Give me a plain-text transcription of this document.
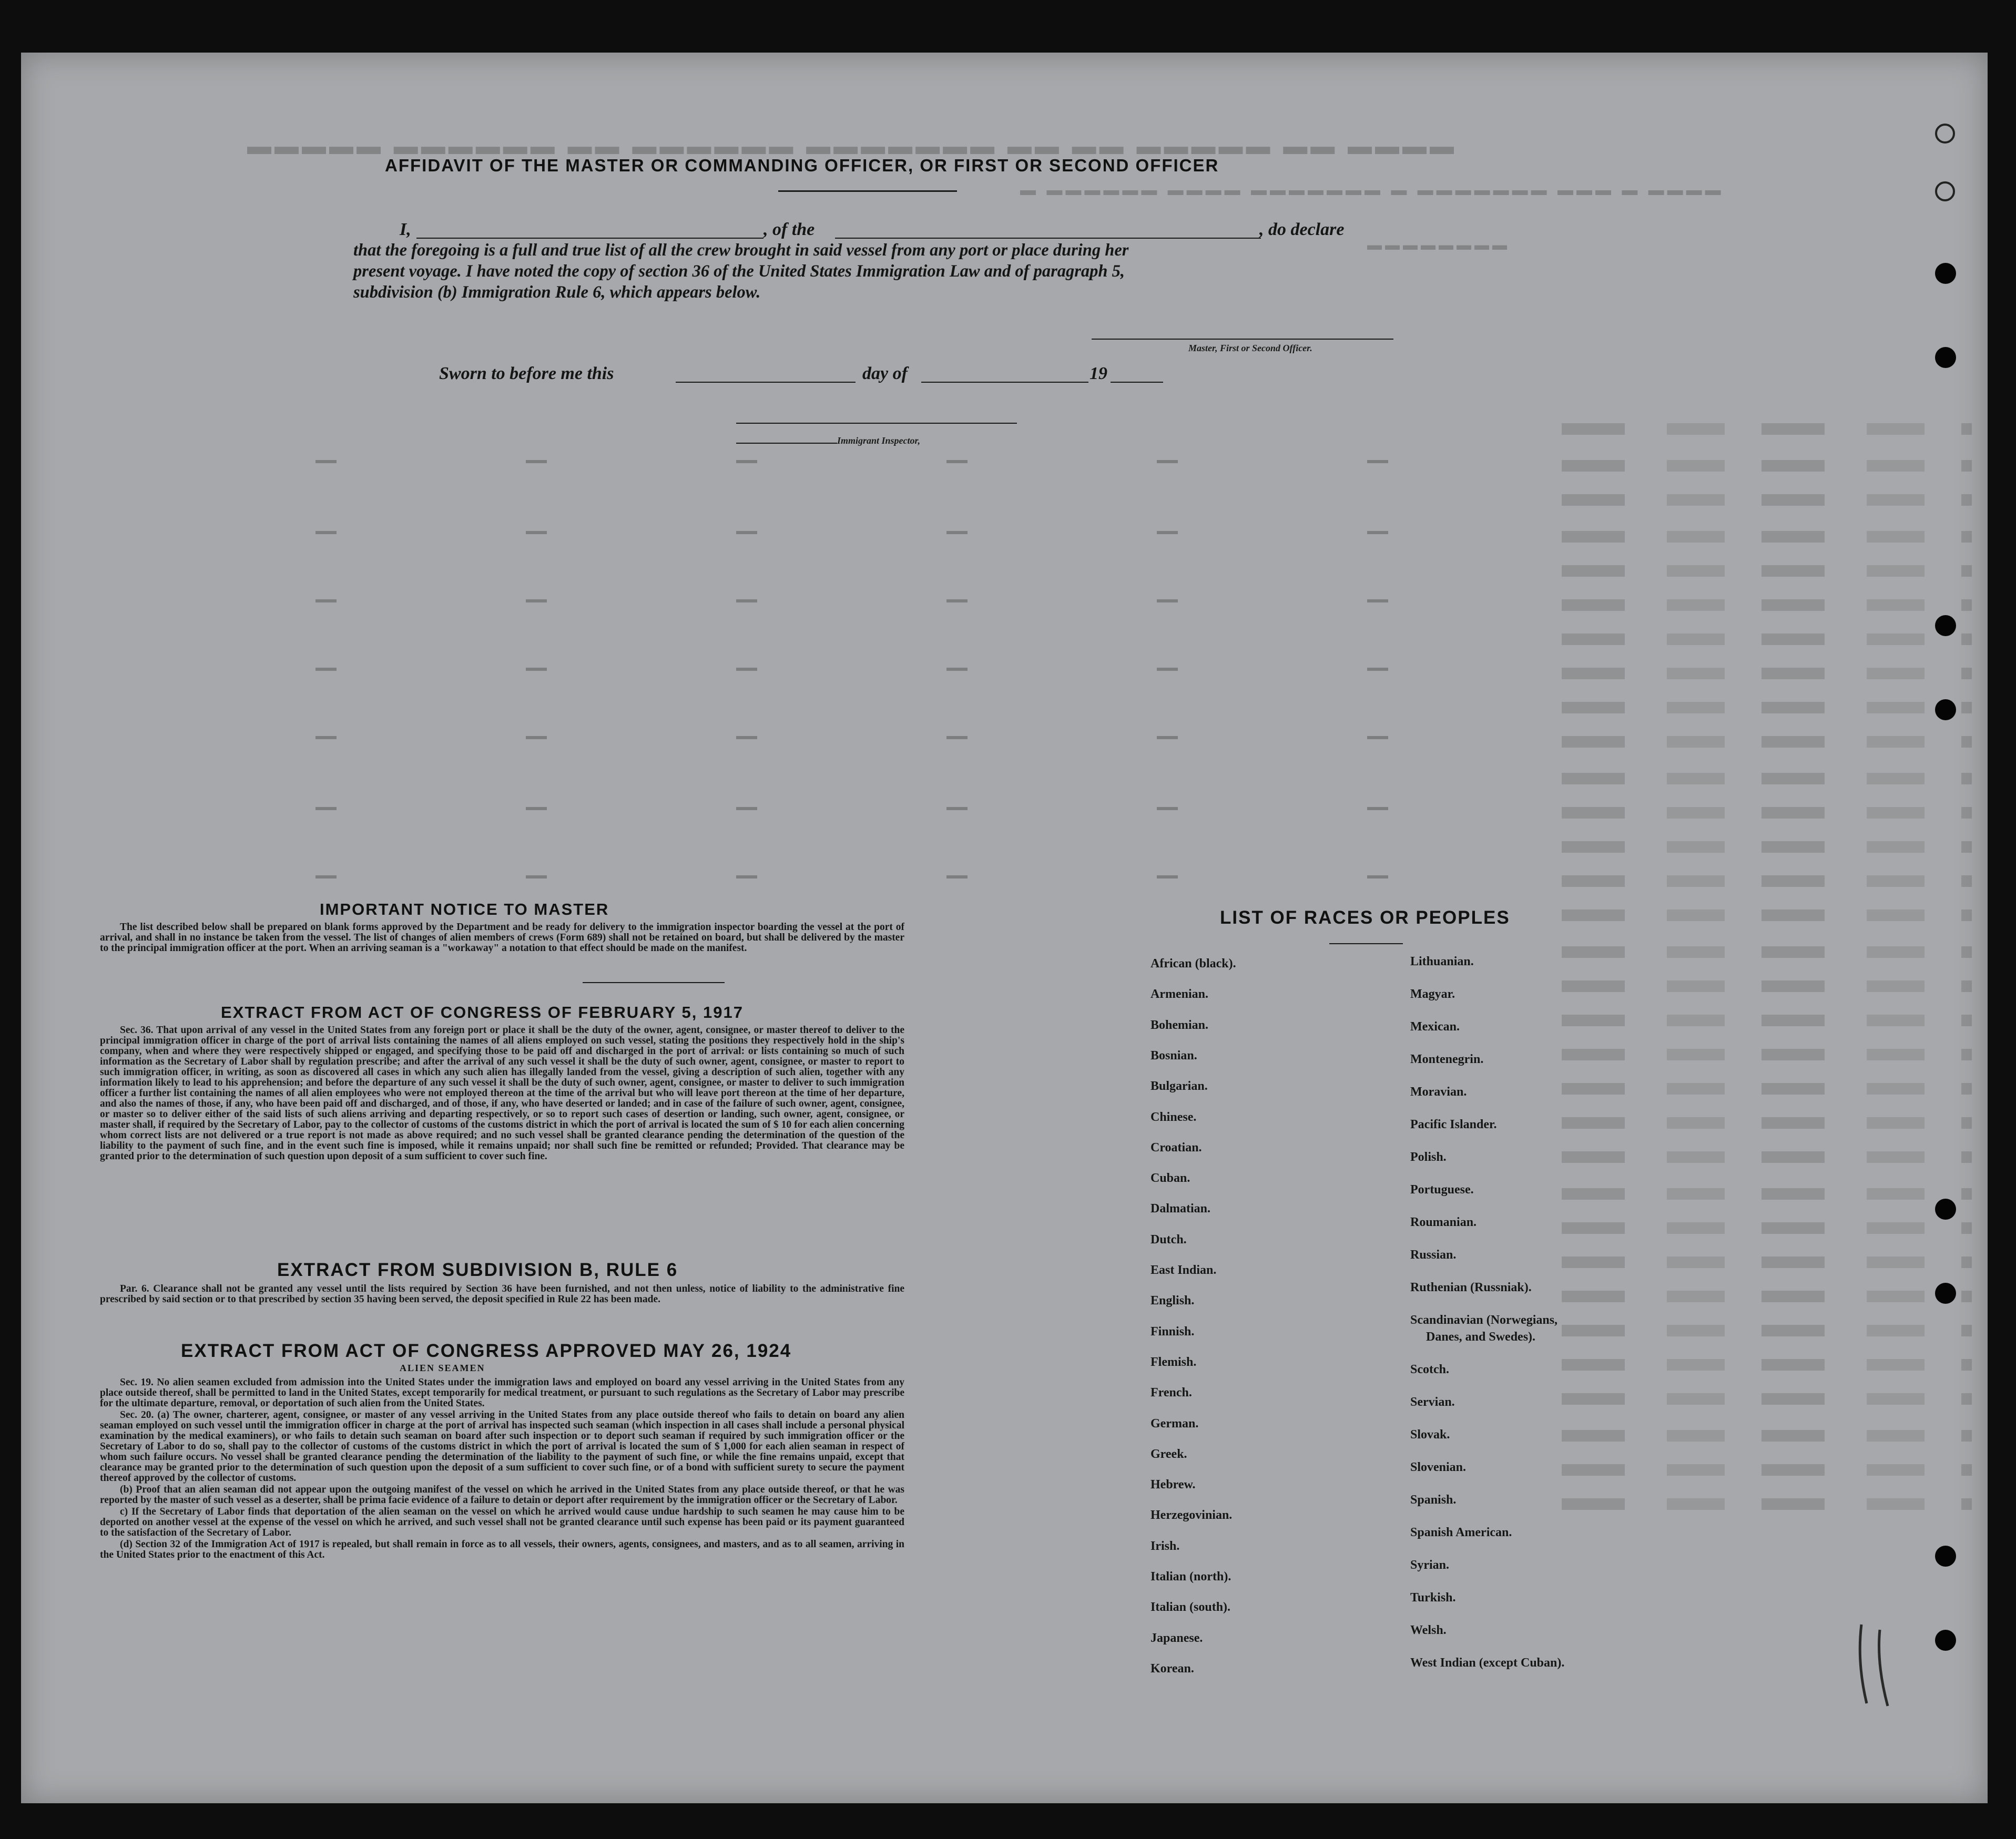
▬▬▬▬▬ ▬▬▬▬▬▬ ▬▬ ▬▬▬▬▬▬ ▬▬▬▬▬▬▬ ▬▬ ▬▬ ▬▬▬▬▬ ▬▬ ▬▬▬▬
▬ ▬▬▬▬▬▬ ▬▬▬▬ ▬▬▬▬▬▬▬ ▬ ▬▬▬▬▬▬▬ ▬▬▬ ▬ ▬▬▬▬
▬▬▬▬▬▬▬▬
AFFIDAVIT OF THE MASTER OR COMMANDING OFFICER, OR FIRST OR SECOND OFFICER
I,	, of the	, do declare
that the foregoing is a full and true list of all the crew brought in said vessel from any port or place during her
present voyage. I have noted the copy of section 36 of the United States Immigration Law and of paragraph 5,
subdivision (b) Immigration Rule 6, which appears below.
Master, First or Second Officer.
Sworn to before me this	day of	19
Immigrant Inspector,
IMPORTANT NOTICE TO MASTER

The list described below shall be prepared on blank forms approved by the Department and be ready for delivery to the immigration inspector boarding the vessel at the port of arrival, and shall in no instance be taken from the vessel. The list of changes of alien members of crews (Form 689) shall not be retained on board, but shall be delivered by the master to the principal immigration officer at the port. When an arriving seaman is a "workaway" a notation to that effect should be made on the manifest.

EXTRACT FROM ACT OF CONGRESS OF FEBRUARY 5, 1917

Sec. 36. That upon arrival of any vessel in the United States from any foreign port or place it shall be the duty of the owner, agent, consignee, or master thereof to deliver to the principal immigration officer in charge of the port of arrival lists containing the names of all aliens employed on such vessel, stating the positions they respectively hold in the ship's company, when and where they were respectively shipped or engaged, and specifying those to be paid off and discharged in the port of arrival: or lists containing so much of such information as the Secretary of Labor shall by regulation prescribe; and after the arrival of any such vessel it shall be the duty of such owner, agent, consignee, or master to report to such immigration officer, in writing, as soon as discovered all cases in which any such alien has illegally landed from the vessel, giving a description of such alien, together with any information likely to lead to his apprehension; and before the departure of any such vessel it shall be the duty of such owner, agent, consignee, or master to deliver to such immigration officer a further list containing the names of all alien employees who were not employed thereon at the time of the arrival but who will leave port thereon at the time of her departure, and also the names of those, if any, who have been paid off and discharged, and of those, if any, who have deserted or landed; and in case of the failure of such owner, agent, consignee, or master so to deliver either of the said lists of such aliens arriving and departing respectively, or so to report such cases of desertion or landing, such owner, agent, consignee, or master shall, if required by the Secretary of Labor, pay to the collector of customs of the customs district in which the port of arrival is located the sum of $ 10 for each alien concerning whom correct lists are not delivered or a true report is not made as above required; and no such vessel shall be granted clearance pending the determination of the question of the liability to the payment of such fine, and in the event such fine is imposed, while it remains unpaid; nor shall such fine be remitted or refunded; Provided. That clearance may be granted prior to the determination of such question upon deposit of a sum sufficient to cover such fine.

EXTRACT FROM SUBDIVISION B, RULE 6

Par. 6. Clearance shall not be granted any vessel until the lists required by Section 36 have been furnished, and not then unless, notice of liability to the administrative fine prescribed by said section or to that prescribed by section 35 having been served, the deposit specified in Rule 22 has been made.

EXTRACT FROM ACT OF CONGRESS APPROVED MAY 26, 1924
ALIEN SEAMEN

Sec. 19. No alien seamen excluded from admission into the United States under the immigration laws and employed on board any vessel arriving in the United States from any place outside thereof, shall be permitted to land in the United States, except temporarily for medical treatment, or pursuant to such regulations as the Secretary of Labor may prescribe for the ultimate departure, removal, or deportation of such alien from the United States.

Sec. 20. (a) The owner, charterer, agent, consignee, or master of any vessel arriving in the United States from any place outside thereof who fails to detain on board any alien seaman employed on such vessel until the immigration officer in charge at the port of arrival has inspected such seaman (which inspection in all cases shall include a personal physical examination by the medical examiners), or who fails to detain such seaman on board after such inspection or to deport such seaman if required by such immigration officer or the Secretary of Labor to do so, shall pay to the collector of customs of the customs district in which the port of arrival is located the sum of $ 1,000 for each alien seaman in respect of whom such failure occurs. No vessel shall be granted clearance pending the determination of the liability to the payment of such fine, or while the fine remains unpaid, except that clearance may be granted prior to the determination of such question upon the deposit of a sum sufficient to cover such fine, or of a bond with sufficient surety to secure the payment thereof approved by the collector of customs.

(b) Proof that an alien seaman did not appear upon the outgoing manifest of the vessel on which he arrived in the United States from any place outside thereof, or that he was reported by the master of such vessel as a deserter, shall be prima facie evidence of a failure to detain or deport after requirement by the immigration officer or the Secretary of Labor.

c) If the Secretary of Labor finds that deportation of the alien seaman on the vessel on which he arrived would cause undue hardship to such seamen he may cause him to be deported on another vessel at the expense of the vessel on which he arrived, and such vessel shall not be granted clearance until such expense has been paid or its payment guaranteed to the satisfaction of the Secretary of Labor.

(d) Section 32 of the Immigration Act of 1917 is repealed, but shall remain in force as to all vessels, their owners, agents, consignees, and masters, and as to all seamen, arriving in the United States prior to the enactment of this Act.

LIST OF RACES OR PEOPLES
African (black).
Armenian.
Bohemian.
Bosnian.
Bulgarian.
Chinese.
Croatian.
Cuban.
Dalmatian.
Dutch.
East Indian.
English.
Finnish.
Flemish.
French.
German.
Greek.
Hebrew.
Herzegovinian.
Irish.
Italian (north).
Italian (south).
Japanese.
Korean.
Lithuanian.
Magyar.
Mexican.
Montenegrin.
Moravian.
Pacific Islander.
Polish.
Portuguese.
Roumanian.
Russian.
Ruthenian (Russniak).
Scandinavian (Norwegians,
Danes, and Swedes).
Scotch.
Servian.
Slovak.
Slovenian.
Spanish.
Spanish American.
Syrian.
Turkish.
Welsh.
West Indian (except Cuban).
